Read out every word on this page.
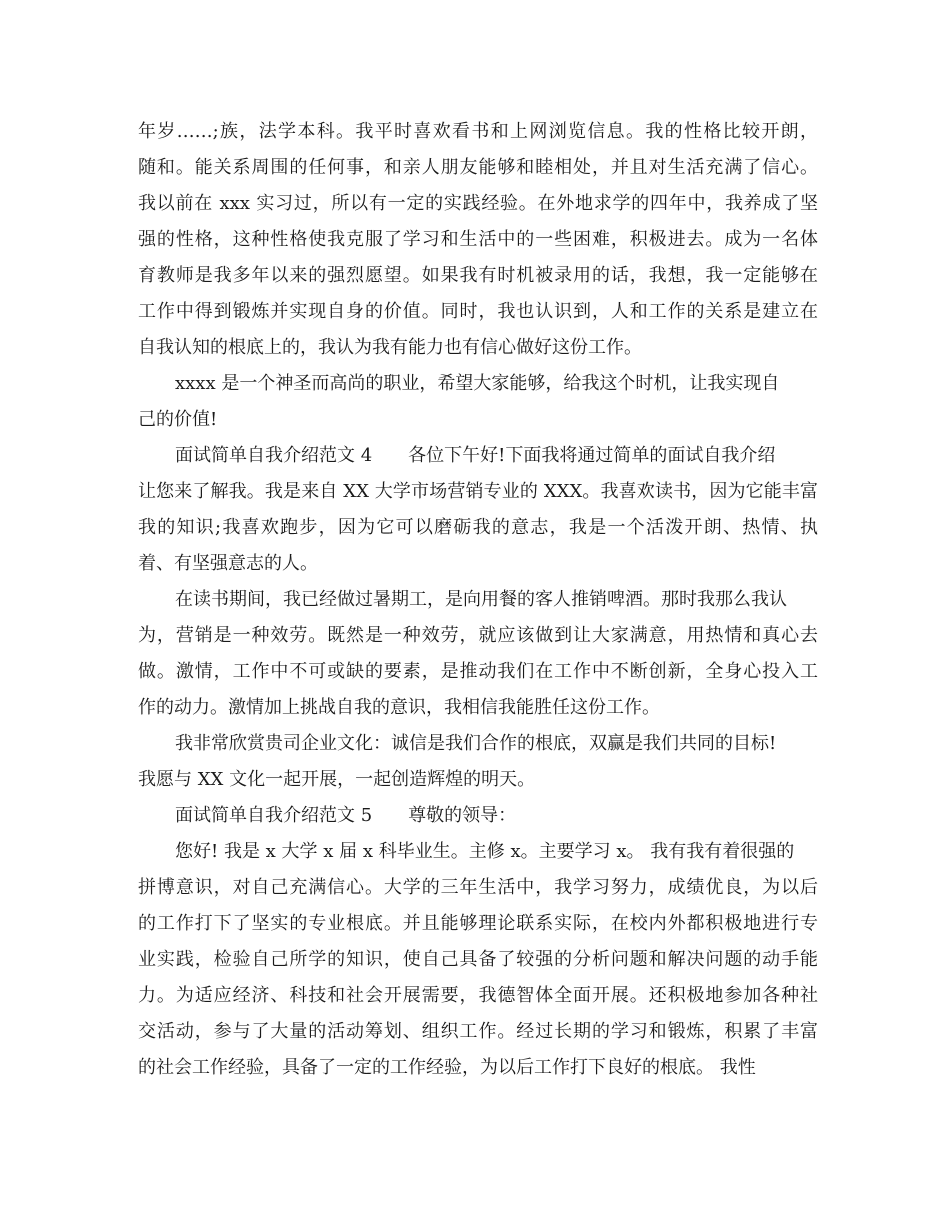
年岁……;族，法学本科。我平时喜欢看书和上网浏览信息。我的性格比较开朗，
随和。能关系周围的任何事，和亲人朋友能够和睦相处，并且对生活充满了信心。
我以前在 xxx 实习过，所以有一定的实践经验。在外地求学的四年中，我养成了坚
强的性格，这种性格使我克服了学习和生活中的一些困难，积极进去。成为一名体
育教师是我多年以来的强烈愿望。如果我有时机被录用的话，我想，我一定能够在
工作中得到锻炼并实现自身的价值。同时，我也认识到，人和工作的关系是建立在
自我认知的根底上的，我认为我有能力也有信心做好这份工作。
xxxx 是一个神圣而高尚的职业，希望大家能够，给我这个时机，让我实现自
己的价值!
面试简单自我介绍范文 4　　各位下午好!下面我将通过简单的面试自我介绍
让您来了解我。我是来自 XX 大学市场营销专业的 XXX。我喜欢读书，因为它能丰富
我的知识;我喜欢跑步，因为它可以磨砺我的意志，我是一个活泼开朗、热情、执
着、有坚强意志的人。
在读书期间，我已经做过暑期工，是向用餐的客人推销啤酒。那时我那么我认
为，营销是一种效劳。既然是一种效劳，就应该做到让大家满意，用热情和真心去
做。激情，工作中不可或缺的要素，是推动我们在工作中不断创新，全身心投入工
作的动力。激情加上挑战自我的意识，我相信我能胜任这份工作。
我非常欣赏贵司企业文化：诚信是我们合作的根底，双赢是我们共同的目标!
我愿与 XX 文化一起开展，一起创造辉煌的明天。
面试简单自我介绍范文 5　　尊敬的领导：
您好! 我是 x 大学 x 届 x 科毕业生。主修 x。主要学习 x。 我有我有着很强的
拼博意识，对自己充满信心。大学的三年生活中，我学习努力，成绩优良，为以后
的工作打下了坚实的专业根底。并且能够理论联系实际，在校内外都积极地进行专
业实践，检验自己所学的知识，使自己具备了较强的分析问题和解决问题的动手能
力。为适应经济、科技和社会开展需要，我德智体全面开展。还积极地参加各种社
交活动，参与了大量的活动筹划、组织工作。经过长期的学习和锻炼，积累了丰富
的社会工作经验，具备了一定的工作经验，为以后工作打下良好的根底。 我性
